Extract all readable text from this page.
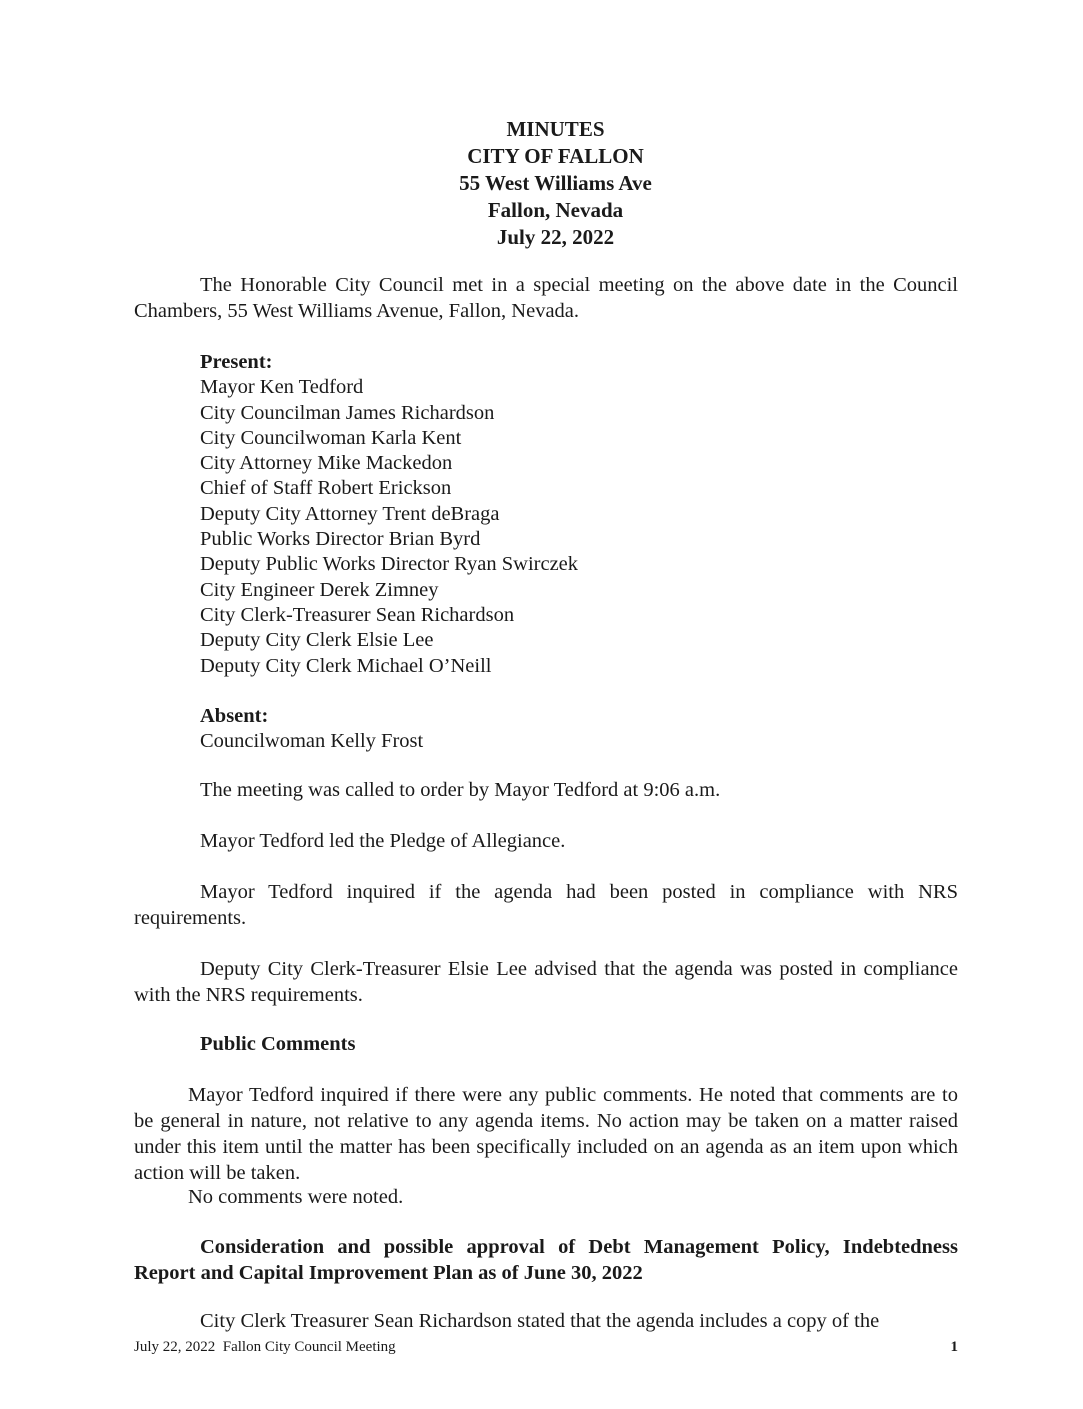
MINUTES
CITY OF FALLON
55 West Williams Ave
Fallon, Nevada
July 22, 2022
The Honorable City Council met in a special meeting on the above date in the Council Chambers, 55 West Williams Avenue, Fallon, Nevada.
Present:
Mayor Ken Tedford
City Councilman James Richardson
City Councilwoman Karla Kent
City Attorney Mike Mackedon
Chief of Staff Robert Erickson
Deputy City Attorney Trent deBraga
Public Works Director Brian Byrd
Deputy Public Works Director Ryan Swirczek
City Engineer Derek Zimney
City Clerk-Treasurer Sean Richardson
Deputy City Clerk Elsie Lee
Deputy City Clerk Michael O’Neill
Absent:
Councilwoman Kelly Frost
The meeting was called to order by Mayor Tedford at 9:06 a.m.
Mayor Tedford led the Pledge of Allegiance.
Mayor Tedford inquired if the agenda had been posted in compliance with NRS requirements.
Deputy City Clerk-Treasurer Elsie Lee advised that the agenda was posted in compliance with the NRS requirements.
Public Comments
Mayor Tedford inquired if there were any public comments. He noted that comments are to be general in nature, not relative to any agenda items. No action may be taken on a matter raised under this item until the matter has been specifically included on an agenda as an item upon which action will be taken.
No comments were noted.
Consideration and possible approval of Debt Management Policy, Indebtedness Report and Capital Improvement Plan as of June 30, 2022
City Clerk Treasurer Sean Richardson stated that the agenda includes a copy of the
July 22, 2022  Fallon City Council Meeting	1
